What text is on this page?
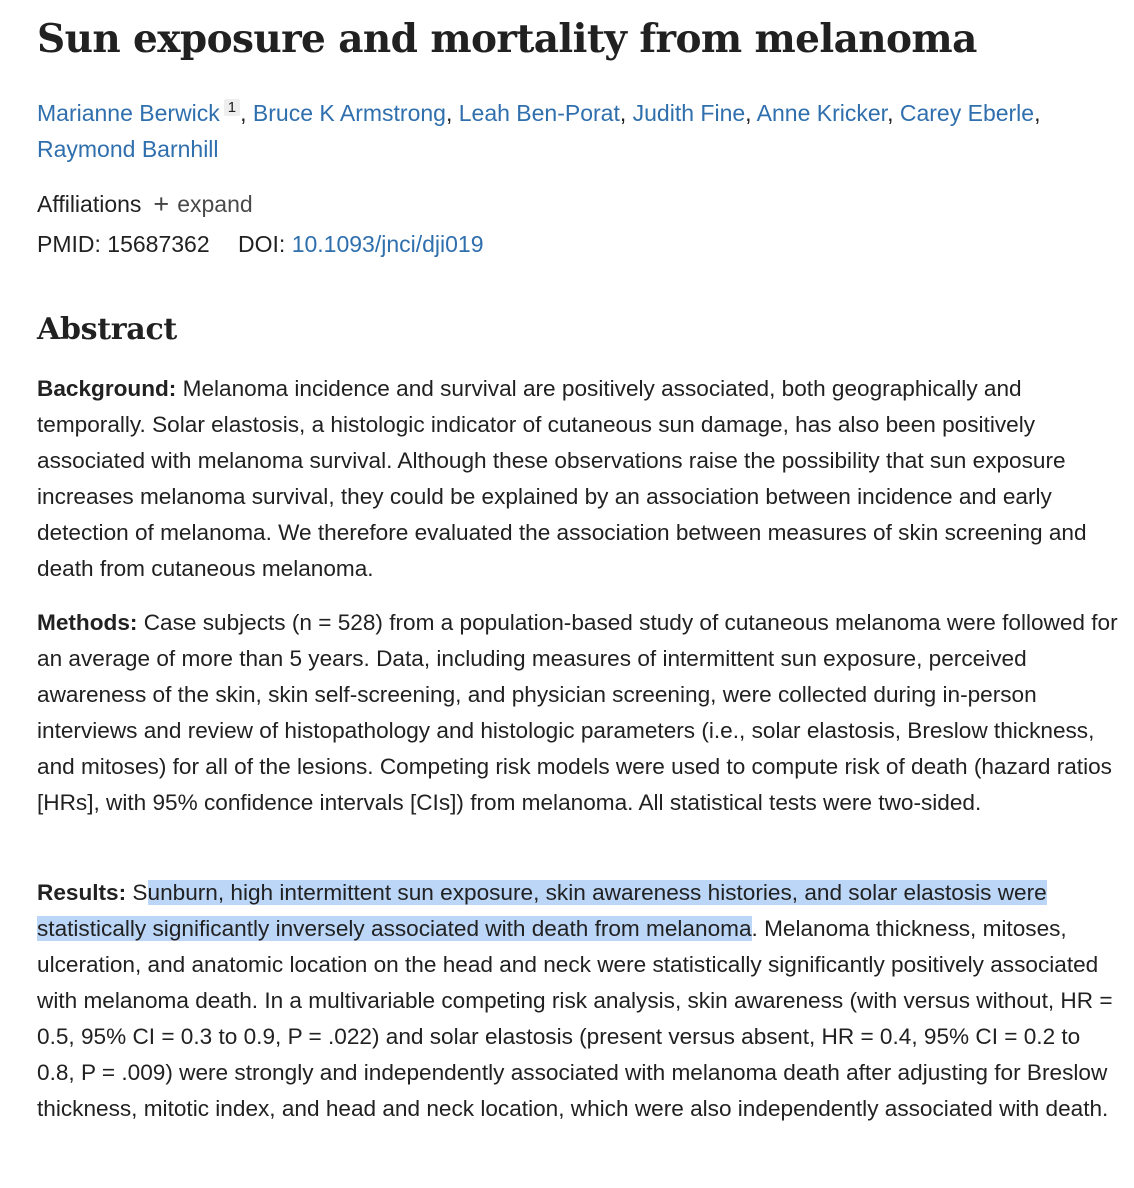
Sun exposure and mortality from melanoma
Marianne Berwick $^1$ , Bruce K Armstrong, Leah Ben-Porat, Judith Fine, Anne Kricker, Carey Eberle,
Raymond Barnhill
Affiliations + expand
PMID: 15687362 DOI: 10.1093/jnci/dji019
Abstract

Background: Melanoma incidence and survival are positively associated, both geographically and temporally. Solar elastosis, a histologic indicator of cutaneous sun damage, has also been positively associated with melanoma survival. Although these observations raise the possibility that sun exposure increases melanoma survival, they could be explained by an association between incidence and early detection of melanoma. We therefore evaluated the association between measures of skin screening and death from cutaneous melanoma.

Methods: Case subjects (n = 528) from a population-based study of cutaneous melanoma were followed for an average of more than 5 years. Data, including measures of intermittent sun exposure, perceived awareness of the skin, skin self-screening, and physician screening, were collected during in-person interviews and review of histopathology and histologic parameters (i.e., solar elastosis, Breslow thickness, and mitoses) for all of the lesions. Competing risk models were used to compute risk of death (hazard ratios [HRs], with 95% confidence intervals [CIs]) from melanoma. All statistical tests were two-sided.

Results: Sunburn, high intermittent sun exposure, skin awareness histories, and solar elastosis were statistically significantly inversely associated with death from melanoma. Melanoma thickness, mitoses, ulceration, and anatomic location on the head and neck were statistically significantly positively associated with melanoma death. In a multivariable competing risk analysis, skin awareness (with versus without, HR = 0.5, 95% CI = 0.3 to 0.9, P = .022) and solar elastosis (present versus absent, HR = 0.4, 95% CI = 0.2 to 0.8, P = .009) were strongly and independently associated with melanoma death after adjusting for Breslow thickness, mitotic index, and head and neck location, which were also independently associated with death.
